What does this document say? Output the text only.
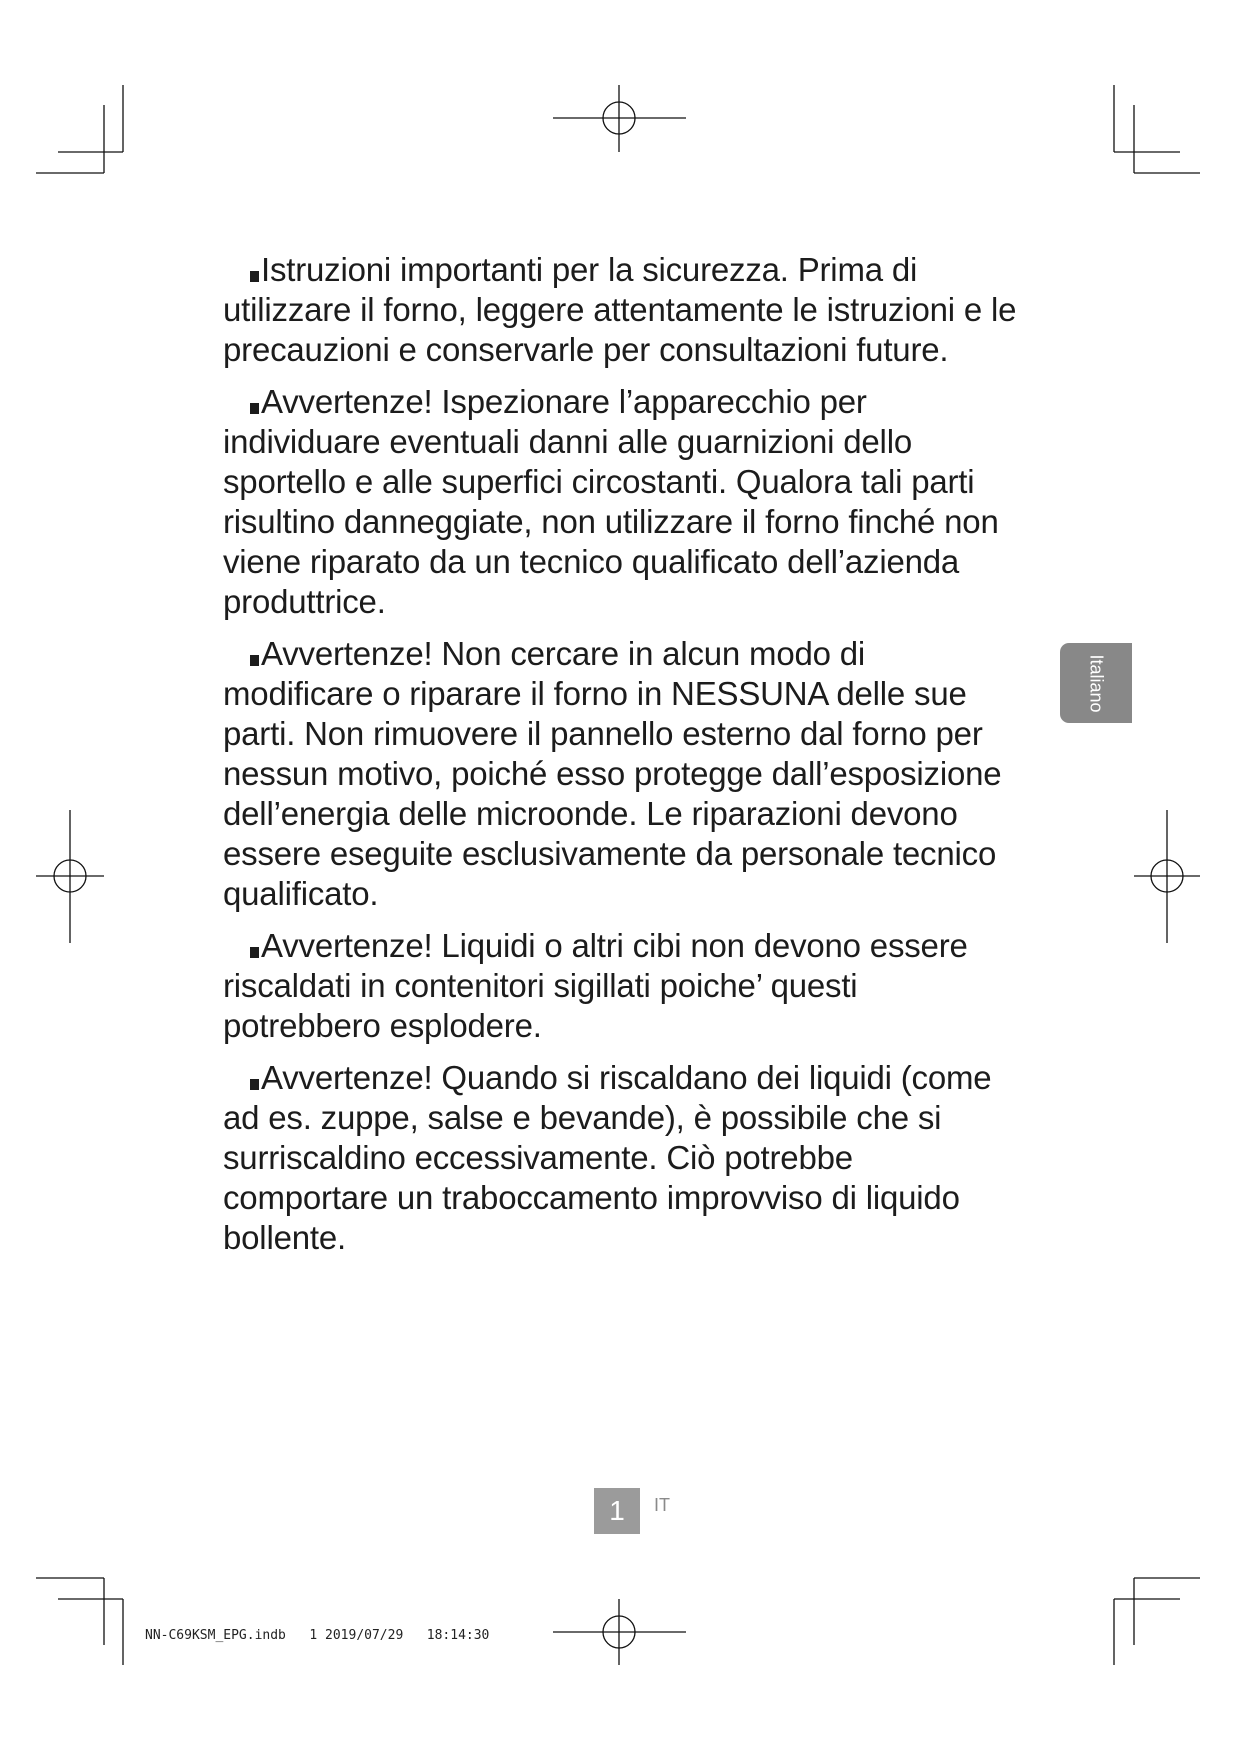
Istruzioni importanti per la sicurezza. Prima di utilizzare il forno, leggere attentamente le istruzioni e le precauzioni e conservarle per consultazioni future.

Avvertenze! Ispezionare l’apparecchio per individuare eventuali danni alle guarnizioni dello sportello e alle superfici circostanti. Qualora tali parti risultino danneggiate, non utilizzare il forno finché non viene riparato da un tecnico qualificato dell’azienda produttrice.

Avvertenze! Non cercare in alcun modo di modificare o riparare il forno in NESSUNA delle sue parti. Non rimuovere il pannello esterno dal forno per nessun motivo, poiché esso protegge dall’esposizione dell’energia delle microonde. Le riparazioni devono essere eseguite esclusivamente da personale tecnico qualificato.

Avvertenze! Liquidi o altri cibi non devono essere riscaldati in contenitori sigillati poiche’ questi potrebbero esplodere.

Avvertenze! Quando si riscaldano dei liquidi (come ad es. zuppe, salse e bevande), è possibile che si surriscaldino eccessivamente. Ciò potrebbe comportare un traboccamento improvviso di liquido bollente.

Italiano
1	IT
NN-C69KSM_EPG.indb   1 2019/07/29   18:14:30
